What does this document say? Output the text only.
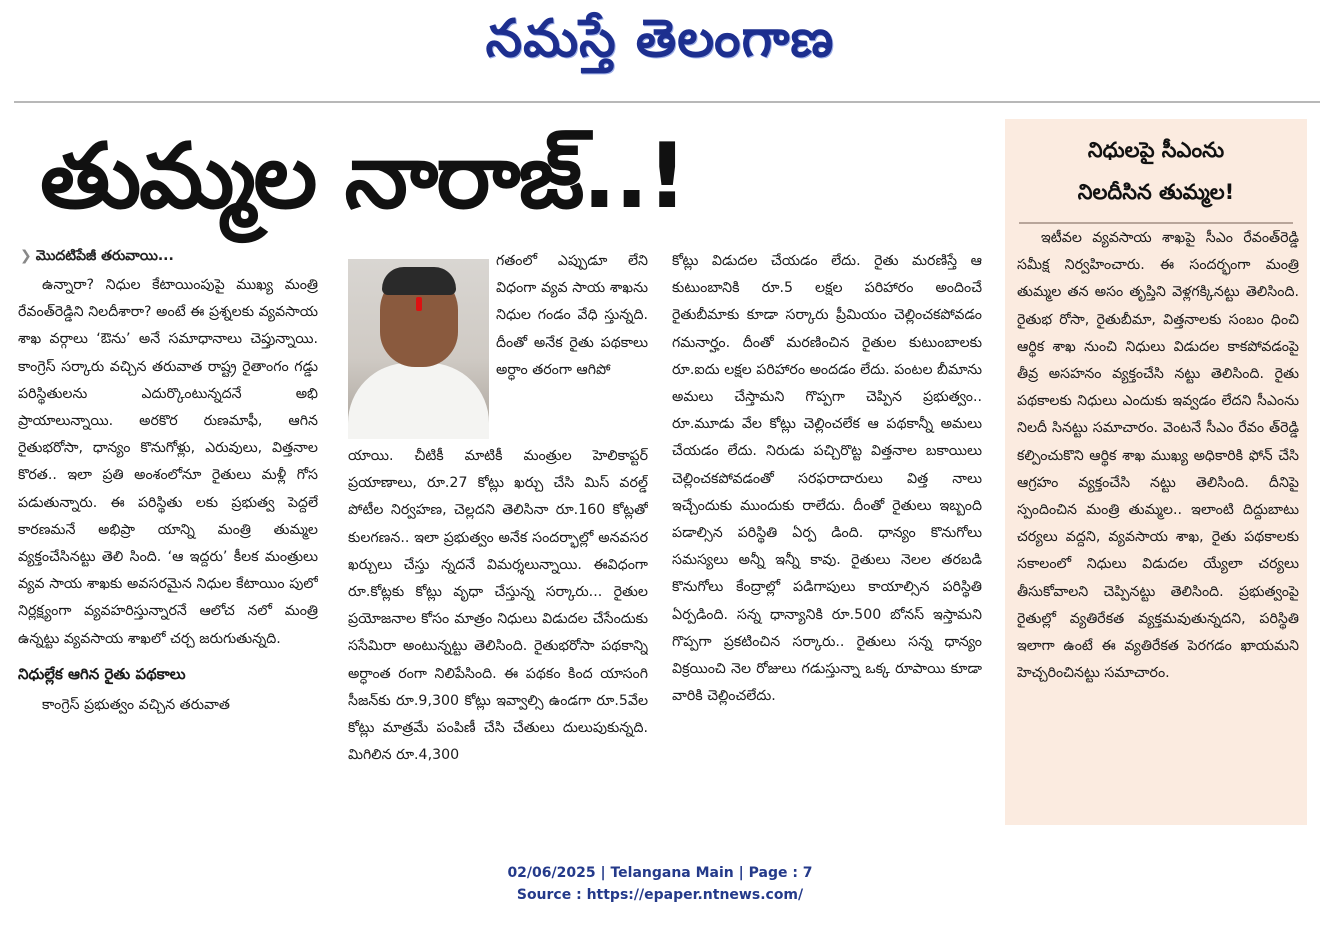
నమస్తే తెలంగాణ
తుమ్మల నారాజ్‌..!
❯ మొదటిపేజీ తరువాయి...

ఉన్నారా? నిధుల కేటాయింపుపై ముఖ్య మంత్రి రేవంత్‌రెడ్డిని నిలదీశారా? అంటే ఈ ప్రశ్నలకు వ్యవసాయ శాఖ వర్గాలు ‘ఔను’ అనే సమాధానాలు చెప్తున్నాయి. కాంగ్రెస్‌ సర్కారు వచ్చిన తరువాత రాష్ట్ర రైతాంగం గడ్డు పరిస్థితులను ఎదుర్కొంటున్నదనే అభి ప్రాయాలున్నాయి. అరకొర రుణమాఫీ, ఆగిన రైతుభరోసా, ధాన్యం కొనుగోళ్లు, ఎరువులు, విత్తనాల కొరత.. ఇలా ప్రతి అంశంలోనూ రైతులు మళ్లీ గోస పడుతున్నారు. ఈ పరిస్థితు లకు ప్రభుత్వ పెద్దలే కారణమనే అభిప్రా యాన్ని మంత్రి తుమ్మల వ్యక్తంచేసినట్టు తెలి సింది. ‘ఆ ఇద్దరు’ కీలక మంత్రులు వ్యవ సాయ శాఖకు అవసరమైన నిధుల కేటాయిం పులో నిర్లక్ష్యంగా వ్యవహరిస్తున్నారనే ఆలోచ నలో మంత్రి ఉన్నట్టు వ్యవసాయ శాఖలో చర్చ జరుగుతున్నది.

నిధుల్లేక ఆగిన రైతు పథకాలు

కాంగ్రెస్‌ ప్రభుత్వం వచ్చిన తరువాత

గతంలో ఎప్పుడూ లేని విధంగా వ్యవ సాయ శాఖను నిధుల గండం వేధి స్తున్నది. దీంతో అనేక రైతు పథకాలు అర్ధాం తరంగా ఆగిపో

యాయి. చీటికీ మాటికీ మంత్రుల హెలికాప్టర్‌ ప్రయాణాలు, రూ.27 కోట్లు ఖర్చు చేసి మిస్‌ వరల్డ్‌ పోటీల నిర్వహణ, చెల్లదని తెలిసినా రూ.160 కోట్లతో కులగణన.. ఇలా ప్రభుత్వం అనేక సందర్భాల్లో అనవసర ఖర్చులు చేస్తు న్నదనే విమర్శలున్నాయి. ఈవిధంగా రూ.కోట్లకు కోట్లు వృధా చేస్తున్న సర్కారు... రైతుల ప్రయోజనాల కోసం మాత్రం నిధులు విడుదల చేసేందుకు ససేమిరా అంటున్నట్టు తెలిసింది. రైతుభరోసా పథకాన్ని అర్ధాంత రంగా నిలిపేసింది. ఈ పథకం కింద యాసంగి సీజన్‌కు రూ.9,300 కోట్లు ఇవ్వాల్సి ఉండగా రూ.5వేల కోట్లు మాత్రమే పంపిణీ చేసి చేతులు దులుపుకున్నది. మిగిలిన రూ.4,300

కోట్లు విడుదల చేయడం లేదు. రైతు మరణిస్తే ఆ కుటుంబానికి రూ.5 లక్షల పరిహారం అందించే రైతుబీమాకు కూడా సర్కారు ప్రీమియం చెల్లించకపోవడం గమనార్హం. దీంతో మరణించిన రైతుల కుటుంబాలకు రూ.ఐదు లక్షల పరిహారం అందడం లేదు. పంటల బీమాను అమలు చేస్తామని గొప్పగా చెప్పిన ప్రభుత్వం.. రూ.మూడు వేల కోట్లు చెల్లించలేక ఆ పథకాన్నీ అమలు చేయడం లేదు. నిరుడు పచ్చిరొట్ట విత్తనాల బకాయిలు చెల్లించకపోవడంతో సరఫరాదారులు విత్త నాలు ఇచ్చేందుకు ముందుకు రాలేదు. దీంతో రైతులు ఇబ్బంది పడాల్సిన పరిస్థితి ఏర్ప డింది. ధాన్యం కొనుగోలు సమస్యలు అన్నీ ఇన్నీ కావు. రైతులు నెలల తరబడి కొనుగోలు కేంద్రాల్లో పడిగాపులు కాయాల్సిన పరిస్థితి ఏర్పడింది. సన్న ధాన్యానికి రూ.500 బోనస్‌ ఇస్తామని గొప్పగా ప్రకటించిన సర్కారు.. రైతులు సన్న ధాన్యం విక్రయించి నెల రోజులు గడుస్తున్నా ఒక్క రూపాయి కూడా వారికి చెల్లించలేదు.

నిధులపై సీఎంను
నిలదీసిన తుమ్మల!

ఇటీవల వ్యవసాయ శాఖపై సీఎం రేవంత్‌రెడ్డి సమీక్ష నిర్వహించారు. ఈ సందర్భంగా మంత్రి తుమ్మల తన అసం తృప్తిని వెళ్లగక్కినట్టు తెలిసింది. రైతుభ రోసా, రైతుబీమా, విత్తనాలకు సంబం ధించి ఆర్థిక శాఖ నుంచి నిధులు విడుదల కాకపోవడంపై తీవ్ర అసహనం వ్యక్తంచేసి నట్టు తెలిసింది. రైతు పథకాలకు నిధులు ఎందుకు ఇవ్వడం లేదని సీఎంను నిలదీ సినట్టు సమాచారం. వెంటనే సీఎం రేవం త్‌రెడ్డి కల్పించుకొని ఆర్థిక శాఖ ముఖ్య అధికారికి ఫోన్‌ చేసి ఆగ్రహం వ్యక్తంచేసి నట్టు తెలిసింది. దీనిపై స్పందించిన మంత్రి తుమ్మల.. ఇలాంటి దిద్దుబాటు చర్యలు వద్దని, వ్యవసాయ శాఖ, రైతు పథకాలకు సకాలంలో నిధులు విడుదల య్యేలా చర్యలు తీసుకోవాలని చెప్పినట్టు తెలిసింది. ప్రభుత్వంపై రైతుల్లో వ్యతిరేకత వ్యక్తమవుతున్నదని, పరిస్థితి ఇలాగా ఉంటే ఈ వ్యతిరేకత పెరగడం ఖాయమని హెచ్చరించినట్టు సమాచారం.

02/06/2025 | Telangana Main | Page : 7
Source : https://epaper.ntnews.com/
